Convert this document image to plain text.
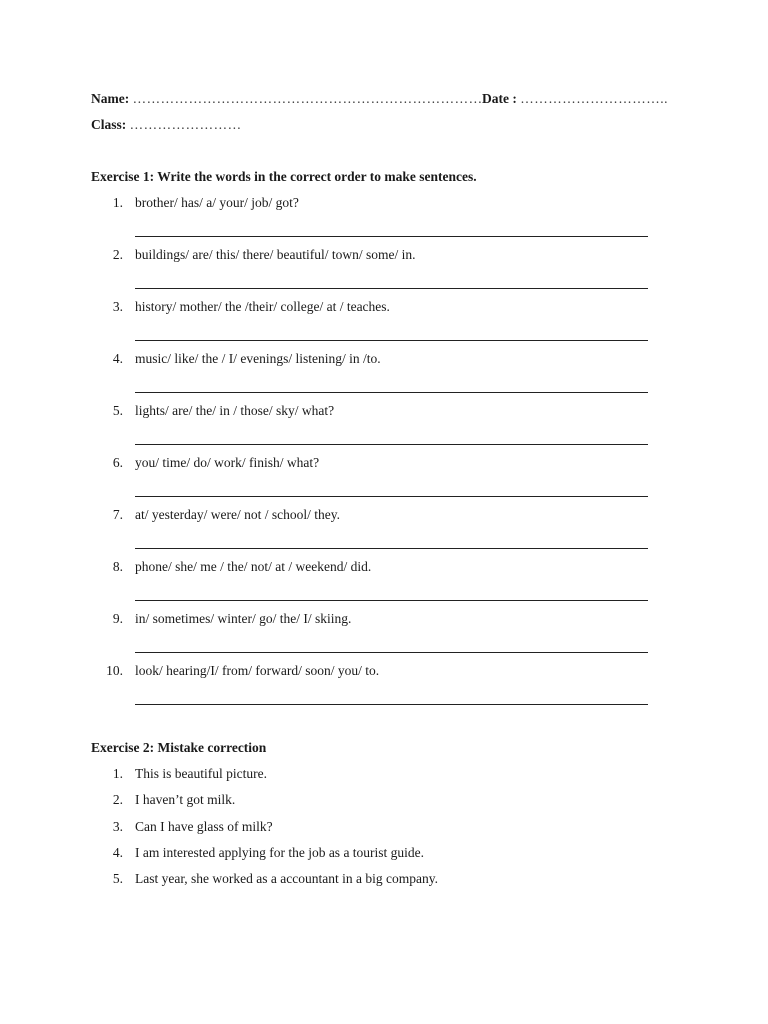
Name: ………………………………………………………………….
Date : …………………………..
Class: ……………………
Exercise 1: Write the words in the correct order to make sentences.
1. brother/ has/ a/ your/ job/ got?
2. buildings/ are/ this/ there/ beautiful/ town/ some/ in.
3. history/ mother/ the /their/ college/ at / teaches.
4. music/ like/ the / I/ evenings/ listening/ in /to.
5. lights/ are/ the/ in / those/ sky/ what?
6. you/ time/ do/ work/ finish/ what?
7. at/ yesterday/ were/ not / school/ they.
8. phone/ she/ me / the/ not/ at / weekend/ did.
9. in/ sometimes/ winter/ go/ the/ I/ skiing.
10. look/ hearing/I/ from/ forward/ soon/ you/ to.
Exercise 2: Mistake correction
1. This is beautiful picture.
2. I haven’t got milk.
3. Can I have glass of milk?
4. I am interested applying for the job as a tourist guide.
5. Last year, she worked as a accountant in a big company.
